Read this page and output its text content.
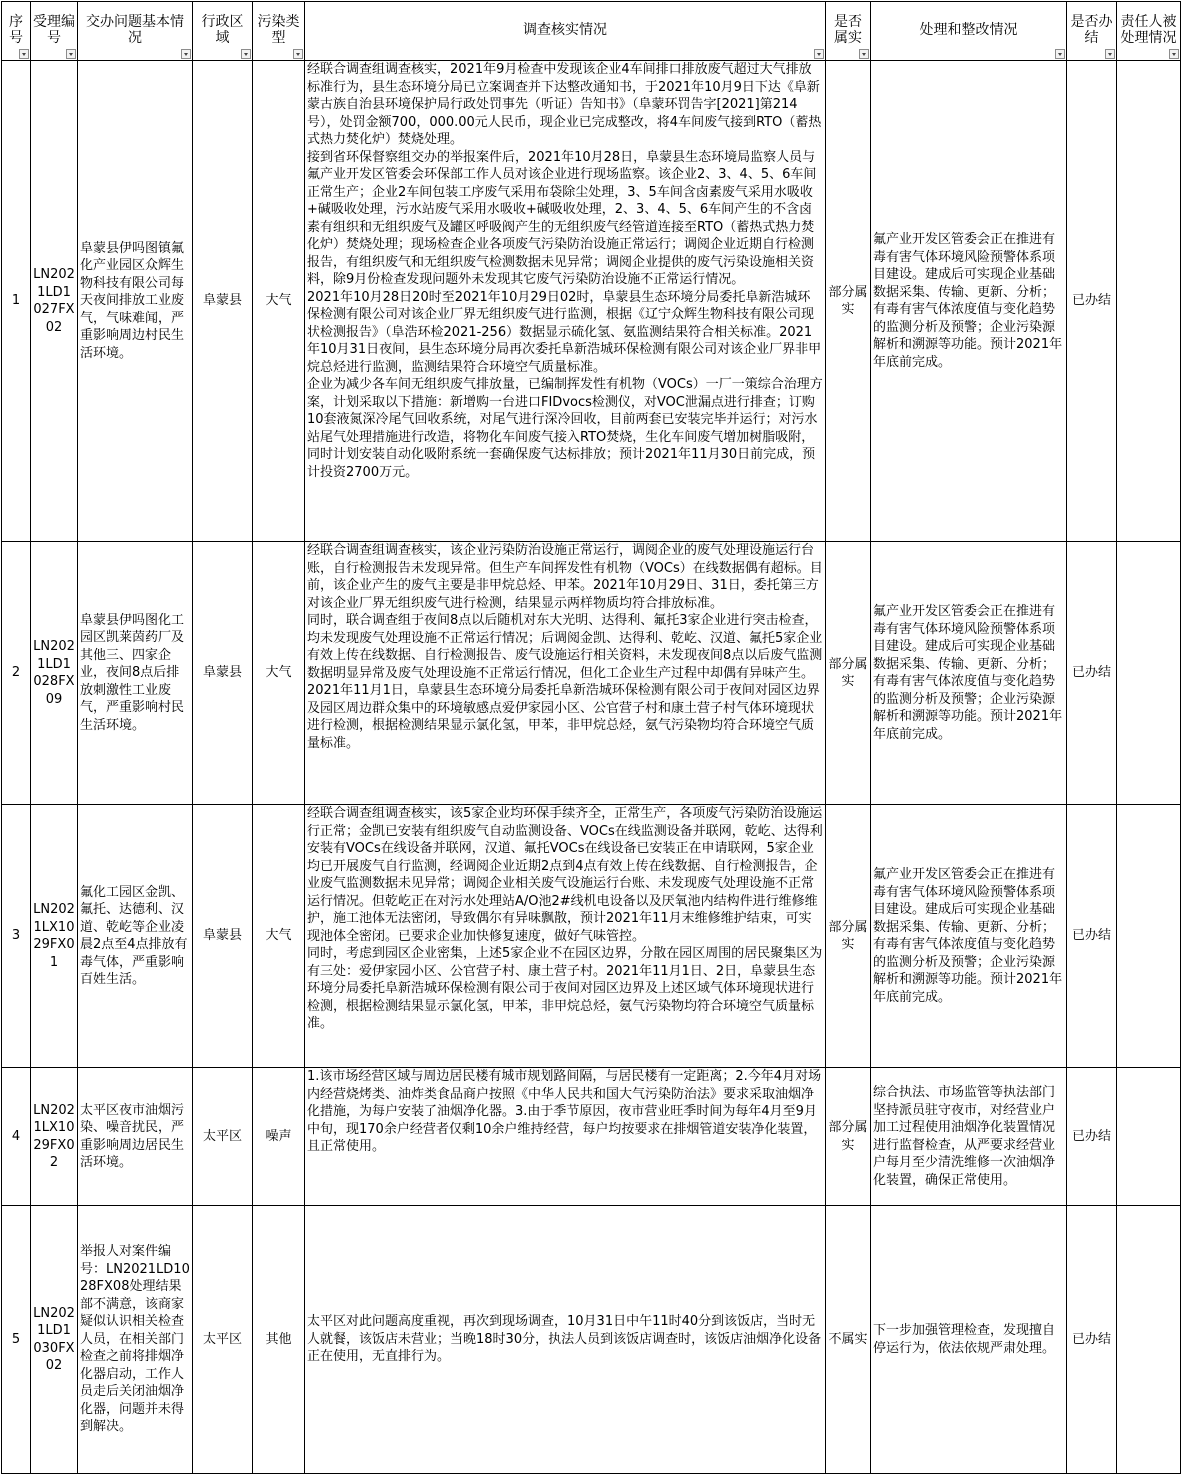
序号	受理编号	交办问题基本情况	行政区域	污染类型	调查核实情况	是否属实	处理和整改情况	是否办结	责任人被处理情况

1	LN2021LD1027FX02	阜蒙县伊吗图镇氟化产业园区众辉生物科技有限公司每天夜间排放工业废气，气味难闻，严重影响周边村民生活环境。	阜蒙县	大气	经联合调查组调查核实，2021年9月检查中发现该企业4车间排口排放废气超过大气排放标准行为，县生态环境分局已立案调查并下达整改通知书，于2021年10月9日下达《阜新蒙古族自治县环境保护局行政处罚事先（听证）告知书》（阜蒙环罚告字[2021]第214号），处罚金额700，000.00元人民币，现企业已完成整改，将4车间废气接到RTO（蓄热式热力焚化炉）焚烧处理。
接到省环保督察组交办的举报案件后，2021年10月28日，阜蒙县生态环境局监察人员与氟产业开发区管委会环保部工作人员对该企业进行现场监察。该企业2、3、4、5、6车间正常生产；企业2车间包装工序废气采用布袋除尘处理，3、5车间含卤素废气采用水吸收+碱吸收处理，污水站废气采用水吸收+碱吸收处理，2、3、4、5、6车间产生的不含卤素有组织和无组织废气及罐区呼吸阀产生的无组织废气经管道连接至RTO（蓄热式热力焚化炉）焚烧处理；现场检查企业各项废气污染防治设施正常运行；调阅企业近期自行检测报告，有组织废气和无组织废气检测数据未见异常；调阅企业提供的废气污染设施相关资料，除9月份检查发现问题外未发现其它废气污染防治设施不正常运行情况。
2021年10月28日20时至2021年10月29日02时，阜蒙县生态环境分局委托阜新浩城环保检测有限公司对该企业厂界无组织废气进行监测，根据《辽宁众辉生物科技有限公司现状检测报告》（阜浩环检2021-256）数据显示硫化氢、氨监测结果符合相关标准。2021年10月31日夜间，县生态环境分局再次委托阜新浩城环保检测有限公司对该企业厂界非甲烷总烃进行监测，监测结果符合环境空气质量标准。
企业为减少各车间无组织废气排放量，已编制挥发性有机物（VOCs）一厂一策综合治理方案，计划采取以下措施：新增购一台进口FIDvocs检测仪，对VOC泄漏点进行排查；订购10套液氮深冷尾气回收系统，对尾气进行深冷回收，目前两套已安装完毕并运行；对污水站尾气处理措施进行改造，将物化车间废气接入RTO焚烧，生化车间废气增加树脂吸附，同时计划安装自动化吸附系统一套确保废气达标排放；预计2021年11月30日前完成，预计投资2700万元。	部分属实	氟产业开发区管委会正在推进有毒有害气体环境风险预警体系项目建设。建成后可实现企业基础数据采集、传输、更新、分析；有毒有害气体浓度值与变化趋势的监测分析及预警；企业污染源解析和溯源等功能。预计2021年年底前完成。	已办结	
2	LN2021LD1028FX09	阜蒙县伊吗图化工园区凯莱茵药厂及其他三、四家企业，夜间8点后排放刺激性工业废气，严重影响村民生活环境。	阜蒙县	大气	经联合调查组调查核实，该企业污染防治设施正常运行，调阅企业的废气处理设施运行台账，自行检测报告未发现异常。但生产车间挥发性有机物（VOCs）在线数据偶有超标。目前，该企业产生的废气主要是非甲烷总烃、甲苯。2021年10月29日、31日，委托第三方对该企业厂界无组织废气进行检测，结果显示两样物质均符合排放标准。
同时，联合调查组于夜间8点以后随机对东大光明、达得利、氟托3家企业进行突击检查，均未发现废气处理设施不正常运行情况；后调阅金凯、达得利、乾屹、汉道、氟托5家企业有效上传在线数据、自行检测报告、废气设施运行相关资料，未发现夜间8点以后废气监测数据明显异常及废气处理设施不正常运行情况，但化工企业生产过程中却偶有异味产生。
2021年11月1日，阜蒙县生态环境分局委托阜新浩城环保检测有限公司于夜间对园区边界及园区周边群众集中的环境敏感点爱伊家园小区、公官营子村和康土营子村气体环境现状进行检测，根据检测结果显示氯化氢，甲苯，非甲烷总烃，氨气污染物均符合环境空气质量标准。	部分属实	氟产业开发区管委会正在推进有毒有害气体环境风险预警体系项目建设。建成后可实现企业基础数据采集、传输、更新、分析；有毒有害气体浓度值与变化趋势的监测分析及预警；企业污染源解析和溯源等功能。预计2021年年底前完成。	已办结	
3	LN2021LX1029FX01	氟化工园区金凯、氟托、达德利、汉道、乾屹等企业凌晨2点至4点排放有毒气体，严重影响百姓生活。	阜蒙县	大气	经联合调查组调查核实，该5家企业均环保手续齐全，正常生产，各项废气污染防治设施运行正常；金凯已安装有组织废气自动监测设备、VOCs在线监测设备并联网，乾屹、达得利安装有VOCs在线设备并联网，汉道、氟托VOCs在线设备已安装正在申请联网，5家企业均已开展废气自行监测，经调阅企业近期2点到4点有效上传在线数据、自行检测报告，企业废气监测数据未见异常；调阅企业相关废气设施运行台账、未发现废气处理设施不正常运行情况。但乾屹正在对污水处理站A/O池2#线机电设备以及厌氧池内结构件进行维修维护，施工池体无法密闭，导致偶尔有异味飘散，预计2021年11月末维修维护结束，可实现池体全密闭。已要求企业加快修复速度，做好气味管控。
同时，考虑到园区企业密集，上述5家企业不在园区边界，分散在园区周围的居民聚集区为有三处：爱伊家园小区、公官营子村、康土营子村。2021年11月1日、2日，阜蒙县生态环境分局委托阜新浩城环保检测有限公司于夜间对园区边界及上述区域气体环境现状进行检测，根据检测结果显示氯化氢，甲苯，非甲烷总烃，氨气污染物均符合环境空气质量标准。	部分属实	氟产业开发区管委会正在推进有毒有害气体环境风险预警体系项目建设。建成后可实现企业基础数据采集、传输、更新、分析；有毒有害气体浓度值与变化趋势的监测分析及预警；企业污染源解析和溯源等功能。预计2021年年底前完成。	已办结	
4	LN2021LX1029FX02	太平区夜市油烟污染、噪音扰民，严重影响周边居民生活环境。	太平区	噪声	1.该市场经营区域与周边居民楼有城市规划路间隔，与居民楼有一定距离；2.今年4月对场内经营烧烤类、油炸类食品商户按照《中华人民共和国大气污染防治法》要求采取油烟净化措施，为每户安装了油烟净化器。3.由于季节原因，夜市营业旺季时间为每年4月至9月中旬，现170余户经营者仅剩10余户维持经营，每户均按要求在排烟管道安装净化装置，且正常使用。	部分属实	综合执法、市场监管等执法部门坚持派员驻守夜市，对经营业户加工过程使用油烟净化装置情况进行监督检查，从严要求经营业户每月至少清洗维修一次油烟净化装置，确保正常使用。	已办结	
5	LN2021LD1030FX02	举报人对案件编号：LN2021LD1028FX08处理结果部不满意，该商家疑似认识相关检查人员，在相关部门检查之前将排烟净化器启动，工作人员走后关闭油烟净化器，问题并未得到解决。	太平区	其他	太平区对此问题高度重视，再次到现场调查，10月31日中午11时40分到该饭店，当时无人就餐，该饭店未营业；当晚18时30分，执法人员到该饭店调查时，该饭店油烟净化设备正在使用，无直排行为。	不属实	下一步加强管理检查，发现擅自停运行为，依法依规严肃处理。	已办结	
